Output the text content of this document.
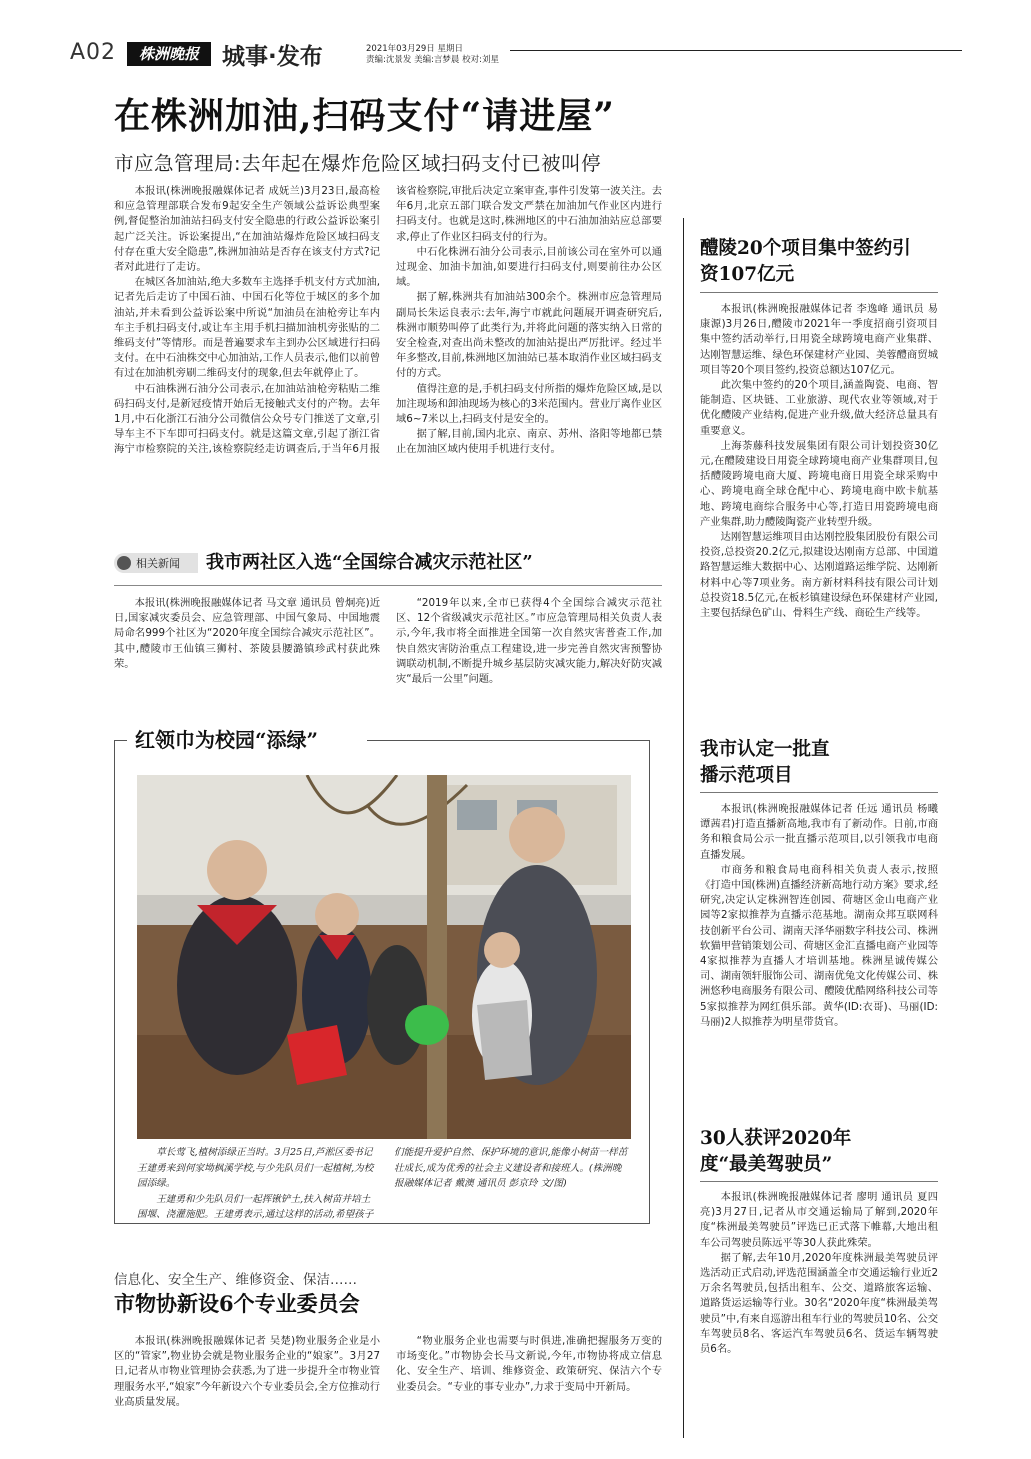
A02	株洲晚报	城事·发布	2021年03月29日 星期日
责编:沈景发 美编:言梦晨 校对:刘星
在株洲加油,扫码支付“请进屋”
市应急管理局:去年起在爆炸危险区域扫码支付已被叫停

本报讯(株洲晚报融媒体记者 成妩兰)3月23日,最高检和应急管理部联合发布9起安全生产领域公益诉讼典型案例,督促整治加油站扫码支付安全隐患的行政公益诉讼案引起广泛关注。诉讼案提出,“在加油站爆炸危险区域扫码支付存在重大安全隐患”,株洲加油站是否存在该支付方式?记者对此进行了走访。

在城区各加油站,绝大多数车主选择手机支付方式加油,记者先后走访了中国石油、中国石化等位于城区的多个加油站,并未看到公益诉讼案中所说“加油员在油枪旁让车内车主手机扫码支付,或让车主用手机扫描加油机旁张贴的二维码支付”等情形。而是普遍要求车主到办公区域进行扫码支付。在中石油株交中心加油站,工作人员表示,他们以前曾有过在加油机旁刷二维码支付的现象,但去年就停止了。

中石油株洲石油分公司表示,在加油站油枪旁粘贴二维码扫码支付,是新冠疫情开始后无接触式支付的产物。去年1月,中石化浙江石油分公司微信公众号专门推送了文章,引导车主不下车即可扫码支付。就是这篇文章,引起了浙江省海宁市检察院的关注,该检察院经走访调查后,于当年6月报该省检察院,审批后决定立案审查,事件引发第一波关注。去年6月,北京五部门联合发文严禁在加油加气作业区内进行扫码支付。也就是这时,株洲地区的中石油加油站应总部要求,停止了作业区扫码支付的行为。

中石化株洲石油分公司表示,目前该公司在室外可以通过现金、加油卡加油,如要进行扫码支付,则要前往办公区域。

据了解,株洲共有加油站300余个。株洲市应急管理局副局长朱运良表示:去年,海宁市就此问题展开调查研究后,株洲市顺势叫停了此类行为,并将此问题的落实纳入日常的安全检查,对查出尚未整改的加油站提出严厉批评。经过半年多整改,目前,株洲地区加油站已基本取消作业区域扫码支付的方式。

值得注意的是,手机扫码支付所指的爆炸危险区域,是以加注现场和卸油现场为核心的3米范围内。营业厅离作业区域6~7米以上,扫码支付是安全的。

据了解,目前,国内北京、南京、苏州、洛阳等地都已禁止在加油区域内使用手机进行支付。

相关新闻 我市两社区入选“全国综合减灾示范社区”

本报讯(株洲晚报融媒体记者 马文章 通讯员 曾炯亮)近日,国家减灾委员会、应急管理部、中国气象局、中国地震局命名999个社区为“2020年度全国综合减灾示范社区”。其中,醴陵市王仙镇三狮村、茶陵县腰潞镇珍武村获此殊荣。

“2019年以来,全市已获得4个全国综合减灾示范社区、12个省级减灾示范社区。”市应急管理局相关负责人表示,今年,我市将全面推进全国第一次自然灾害普查工作,加快自然灾害防治重点工程建设,进一步完善自然灾害预警协调联动机制,不断提升城乡基层防灾减灾能力,解决好防灾减灾“最后一公里”问题。

红领巾为校园“添绿”

草长莺飞,植树添绿正当时。3月25日,芦淞区委书记王建勇来到何家坳枫溪学校,与少先队员们一起植树,为校园添绿。

王建勇和少先队员们一起挥锹铲土,扶入树苗并培土围堰、浇灌施肥。王建勇表示,通过这样的活动,希望孩子们能提升爱护自然、保护环境的意识,能像小树苗一样茁壮成长,成为优秀的社会主义建设者和接班人。(株洲晚报融媒体记者 戴澳 通讯员 彭京玲 文/图)

信息化、安全生产、维修资金、保洁……
市物协新设6个专业委员会

本报讯(株洲晚报融媒体记者 吴楚)物业服务企业是小区的“管家”,物业协会就是物业服务企业的“娘家”。3月27日,记者从市物业管理协会获悉,为了进一步提升全市物业管理服务水平,“娘家”今年新设六个专业委员会,全方位推动行业高质量发展。

“物业服务企业也需要与时俱进,准确把握服务万变的市场变化。”市物协会长马文新说,今年,市物协将成立信息化、安全生产、培训、维修资金、政策研究、保洁六个专业委员会。“专业的事专业办”,力求于变局中开新局。

醴陵20个项目集中签约引资107亿元

本报讯(株洲晚报融媒体记者 李逸峰 通讯员 易康源)3月26日,醴陵市2021年一季度招商引资项目集中签约活动举行,日用瓷全球跨境电商产业集群、达刚智慧运维、绿色环保建材产业园、美蓉醴商贸城项目等20个项目签约,投资总额达107亿元。

此次集中签约的20个项目,涵盖陶瓷、电商、智能制造、区块链、工业旅游、现代农业等领域,对于优化醴陵产业结构,促进产业升级,做大经济总量具有重要意义。

上海荼藤科技发展集团有限公司计划投资30亿元,在醴陵建设日用瓷全球跨境电商产业集群项目,包括醴陵跨境电商大厦、跨境电商日用瓷全球采购中心、跨境电商全球仓配中心、跨境电商中欧卡航基地、跨境电商综合服务中心等,打造日用瓷跨境电商产业集群,助力醴陵陶瓷产业转型升级。

达刚智慧运维项目由达刚控股集团股份有限公司投资,总投资20.2亿元,拟建设达刚南方总部、中国道路智慧运维大数据中心、达刚道路运维学院、达刚新材料中心等7项业务。南方新材料科技有限公司计划总投资18.5亿元,在板杉镇建设绿色环保建材产业园,主要包括绿色矿山、骨料生产线、商砼生产线等。

我市认定一批直播示范项目

本报讯(株洲晚报融媒体记者 任远 通讯员 杨曦 谭茜君)打造直播新高地,我市有了新动作。日前,市商务和粮食局公示一批直播示范项目,以引领我市电商直播发展。

市商务和粮食局电商科相关负责人表示,按照《打造中国(株洲)直播经济新高地行动方案》要求,经研究,决定认定株洲智连创园、荷塘区金山电商产业园等2家拟推荐为直播示范基地。湖南众邦互联网科技创新平台公司、湖南天泽华丽数字科技公司、株洲软猫甲营销策划公司、荷塘区金汇直播电商产业园等4家拟推荐为直播人才培训基地。株洲星诚传媒公司、湖南领轩服饰公司、湖南优兔文化传媒公司、株洲悠秒电商服务有限公司、醴陵优酷网络科技公司等5家拟推荐为网红俱乐部。黄华(ID:衣哥)、马丽(ID:马丽)2人拟推荐为明星带货官。

30人获评2020年度“最美驾驶员”

本报讯(株洲晚报融媒体记者 廖明 通讯员 夏四亮)3月27日,记者从市交通运输局了解到,2020年度“株洲最美驾驶员”评选已正式落下帷幕,大地出租车公司驾驶员陈远平等30人获此殊荣。

据了解,去年10月,2020年度株洲最美驾驶员评选活动正式启动,评选范围涵盖全市交通运输行业近2万余名驾驶员,包括出租车、公交、道路旅客运输、道路货运运输等行业。30名“2020年度“株洲最美驾驶员”中,有来自巡游出租车行业的驾驶员10名、公交车驾驶员8名、客运汽车驾驶员6名、货运车辆驾驶员6名。
